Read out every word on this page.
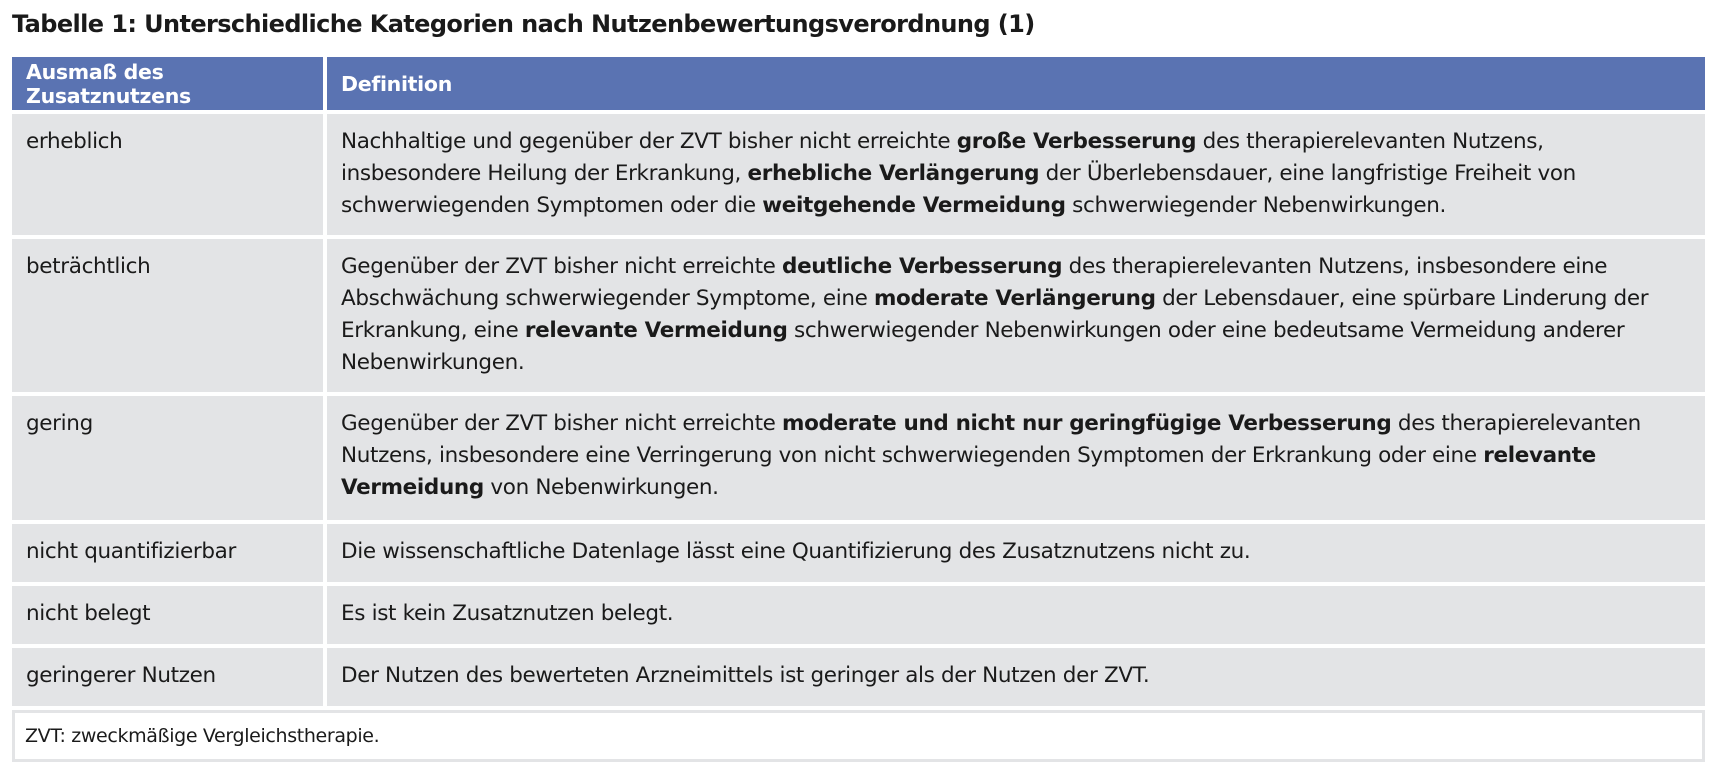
Tabelle 1: Unterschiedliche Kategorien nach Nutzenbewertungsverordnung (1)
Ausmaß des Zusatznutzens	Definition
erheblich	Nachhaltige und gegenüber der ZVT bisher nicht erreichte große Verbesserung des therapierelevanten Nutzens, insbesondere Heilung der Erkrankung, erhebliche Verlängerung der Überlebensdauer, eine langfristige Freiheit von schwerwiegenden Symptomen oder die weitgehende Vermeidung schwerwiegender Nebenwirkungen.
beträchtlich	Gegenüber der ZVT bisher nicht erreichte deutliche Verbesserung des therapierelevanten Nutzens, insbesondere eine Abschwächung schwerwiegender Symptome, eine moderate Verlängerung der Lebensdauer, eine spürbare Linderung der Erkrankung, eine relevante Vermeidung schwerwiegender Nebenwirkungen oder eine bedeutsame Vermeidung anderer Nebenwirkungen.
gering	Gegenüber der ZVT bisher nicht erreichte moderate und nicht nur geringfügige Verbesserung des therapierelevanten Nutzens, insbesondere eine Verringerung von nicht schwerwiegenden Symptomen der Erkrankung oder eine relevante Vermeidung von Nebenwirkungen.
nicht quantifizierbar	Die wissenschaftliche Datenlage lässt eine Quantifizierung des Zusatznutzens nicht zu.
nicht belegt	Es ist kein Zusatznutzen belegt.
geringerer Nutzen	Der Nutzen des bewerteten Arzneimittels ist geringer als der Nutzen der ZVT.
ZVT: zweckmäßige Vergleichstherapie.	
